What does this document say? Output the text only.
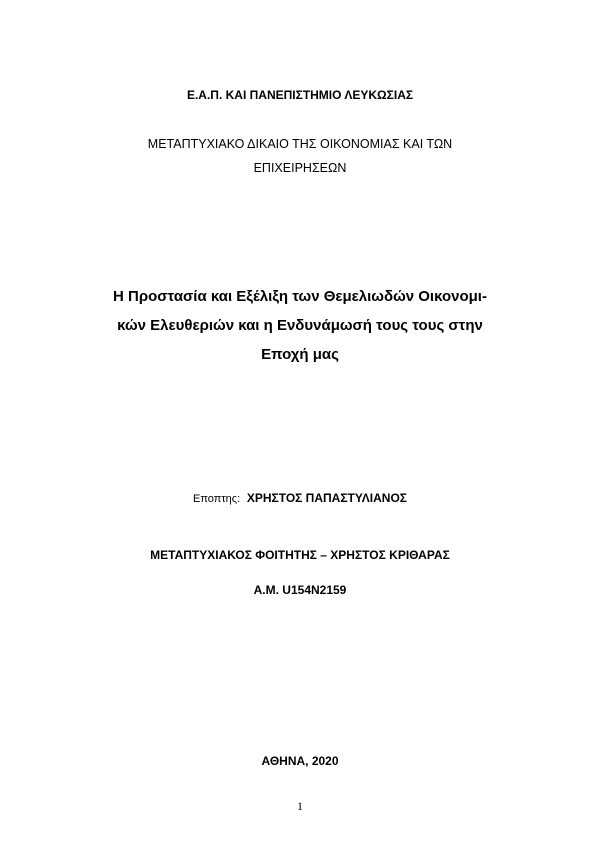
Ε.Α.Π. ΚΑΙ ΠΑΝΕΠΙΣΤΗΜΙΟ ΛΕΥΚΩΣΙΑΣ
ΜΕΤΑΠΤΥΧΙΑΚΟ ΔΙΚΑΙΟ ΤΗΣ ΟΙΚΟΝΟΜΙΑΣ ΚΑΙ ΤΩΝ
ΕΠΙΧΕΙΡΗΣΕΩΝ
Η Προστασία και Εξέλιξη των Θεμελιωδών Οικονομι-
κών Ελευθεριών και η Ενδυνάμωσή τους τους στην
Εποχή μας
Εποπτης: ΧΡΗΣΤΟΣ ΠΑΠΑΣΤΥΛΙΑΝΟΣ
ΜΕΤΑΠΤΥΧΙΑΚΟΣ ΦΟΙΤΗΤΗΣ – ΧΡΗΣΤΟΣ ΚΡΙΘΑΡΑΣ
Α.Μ. U154N2159
ΑΘΗΝΑ, 2020
1
